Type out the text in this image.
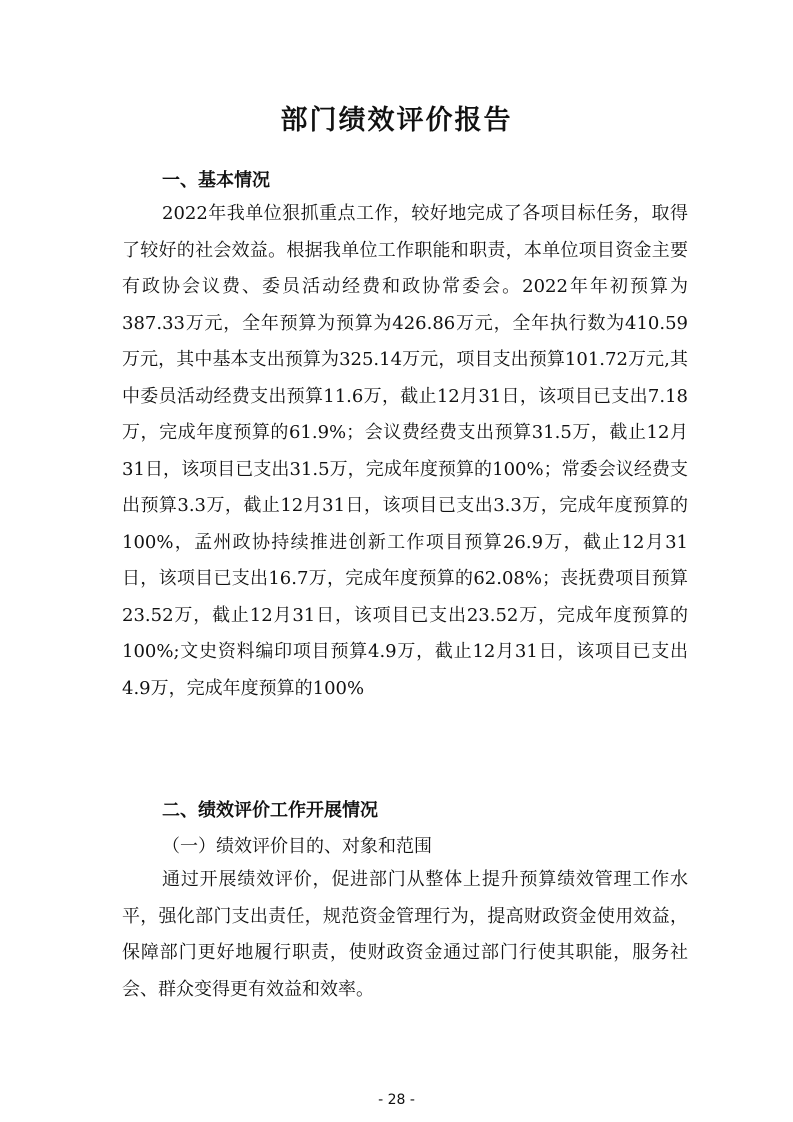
部门绩效评价报告
一、基本情况

2022年我单位狠抓重点工作，较好地完成了各项目标任务，取得了较好的社会效益。根据我单位工作职能和职责，本单位项目资金主要有政协会议费、委员活动经费和政协常委会。2022年年初预算为387.33万元，全年预算为预算为426.86万元，全年执行数为410.59万元，其中基本支出预算为325.14万元，项目支出预算101.72万元,其中委员活动经费支出预算11.6万，截止12月31日，该项目已支出7.18万，完成年度预算的61.9%；会议费经费支出预算31.5万，截止12月31日，该项目已支出31.5万，完成年度预算的100%；常委会议经费支出预算3.3万，截止12月31日，该项目已支出3.3万，完成年度预算的100%，孟州政协持续推进创新工作项目预算26.9万，截止12月31日，该项目已支出16.7万，完成年度预算的62.08%；丧抚费项目预算23.52万，截止12月31日，该项目已支出23.52万，完成年度预算的100%;文史资料编印项目预算4.9万，截止12月31日，该项目已支出4.9万，完成年度预算的100%

二、绩效评价工作开展情况

（一）绩效评价目的、对象和范围

通过开展绩效评价，促进部门从整体上提升预算绩效管理工作水平，强化部门支出责任，规范资金管理行为，提高财政资金使用效益，保障部门更好地履行职责，使财政资金通过部门行使其职能，服务社会、群众变得更有效益和效率。

- 28 -
